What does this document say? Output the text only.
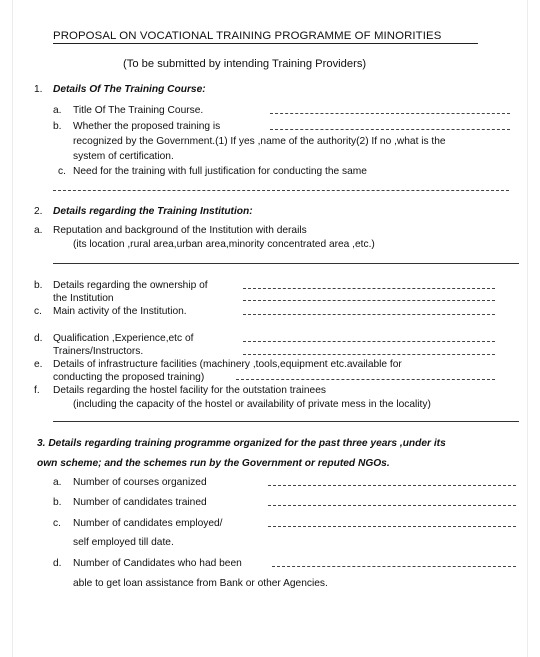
PROPOSAL ON VOCATIONAL TRAINING PROGRAMME OF MINORITIES
(To be submitted by intending Training Providers)
1. Details Of The Training Course:
a. Title Of The Training Course.
b. Whether the proposed training is
recognized by the Government.(1) If yes ,name of the authority(2) If no ,what is the
system of certification.
c. Need for the training with full justification for conducting the same
2. Details regarding the Training Institution:
a. Reputation and background of the Institution with derails
(its location ,rural area,urban area,minority concentrated area ,etc.)
b. Details regarding the ownership of
the Institution
c. Main activity of the Institution.
d. Qualification ,Experience,etc of
Trainers/Instructors.
e. Details of infrastructure facilities (machinery ,tools,equipment etc.available for
conducting the proposed training)
f. Details regarding the hostel facility for the outstation trainees
(including the capacity of the hostel or availability of private mess in the locality)
3. Details regarding training programme organized for the past three years ,under its
own scheme; and the schemes run by the Government or reputed NGOs.
a. Number of courses organized
b. Number of candidates trained
c. Number of candidates employed/
self employed till date.
d. Number of Candidates who had been
able to get loan assistance from Bank or other Agencies.
